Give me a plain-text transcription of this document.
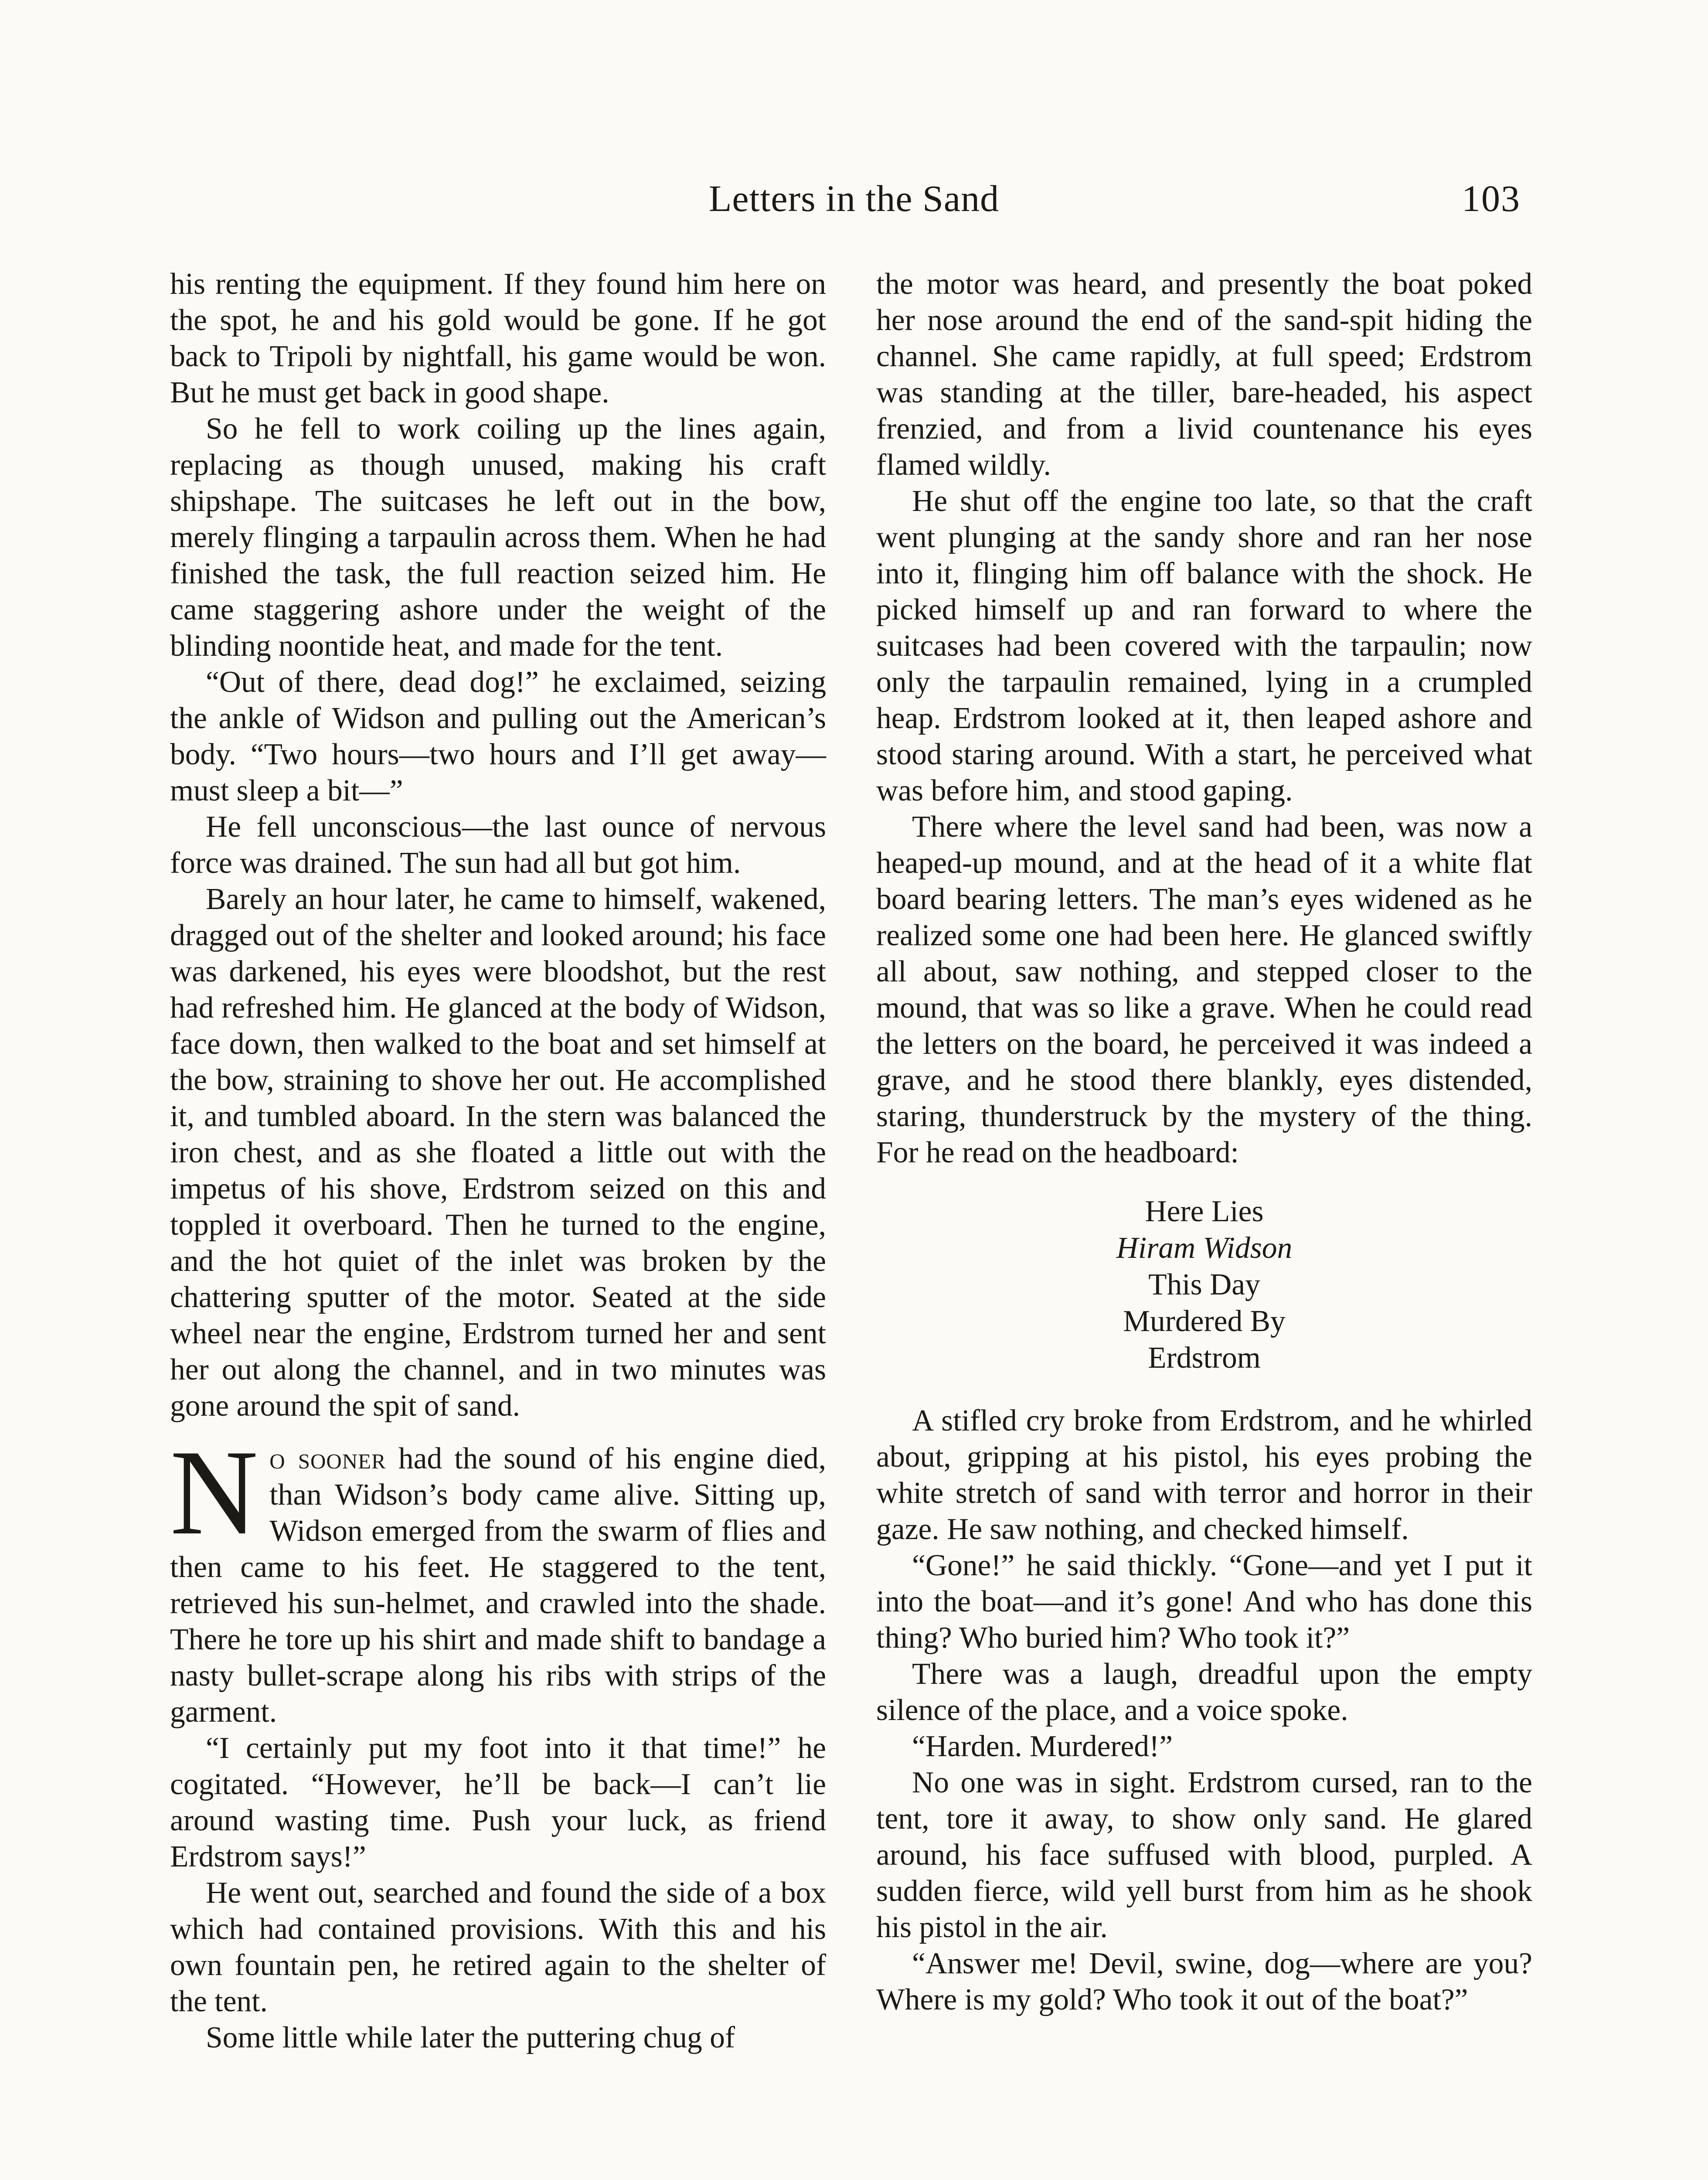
Letters in the Sand	103

his renting the equipment. If they found him here on the spot, he and his gold would be gone. If he got back to Tripoli by nightfall, his game would be won. But he must get back in good shape.

So he fell to work coiling up the lines again, replacing as though unused, making his craft shipshape. The suitcases he left out in the bow, merely flinging a tarpaulin across them. When he had finished the task, the full reaction seized him. He came staggering ashore under the weight of the blinding noontide heat, and made for the tent.

“Out of there, dead dog!” he exclaimed, seizing the ankle of Widson and pulling out the American’s body. “Two hours—two hours and I’ll get away—must sleep a bit—”

He fell unconscious—the last ounce of nervous force was drained. The sun had all but got him.

Barely an hour later, he came to himself, wakened, dragged out of the shelter and looked around; his face was darkened, his eyes were bloodshot, but the rest had refreshed him. He glanced at the body of Widson, face down, then walked to the boat and set himself at the bow, straining to shove her out. He accomplished it, and tumbled aboard. In the stern was balanced the iron chest, and as she floated a little out with the impetus of his shove, Erdstrom seized on this and toppled it overboard. Then he turned to the engine, and the hot quiet of the inlet was broken by the chattering sputter of the motor. Seated at the side wheel near the engine, Erdstrom turned her and sent her out along the channel, and in two minutes was gone around the spit of sand.

No sooner had the sound of his engine died, than Widson’s body came alive. Sitting up, Widson emerged from the swarm of flies and then came to his feet. He staggered to the tent, retrieved his sun-helmet, and crawled into the shade. There he tore up his shirt and made shift to bandage a nasty bullet-scrape along his ribs with strips of the garment.

“I certainly put my foot into it that time!” he cogitated. “However, he’ll be back—I can’t lie around wasting time. Push your luck, as friend Erdstrom says!”

He went out, searched and found the side of a box which had contained provisions. With this and his own fountain pen, he retired again to the shelter of the tent.

Some little while later the puttering chug of

the motor was heard, and presently the boat poked her nose around the end of the sand-spit hiding the channel. She came rapidly, at full speed; Erdstrom was standing at the tiller, bare-headed, his aspect frenzied, and from a livid countenance his eyes flamed wildly.

He shut off the engine too late, so that the craft went plunging at the sandy shore and ran her nose into it, flinging him off balance with the shock. He picked himself up and ran forward to where the suitcases had been covered with the tarpaulin; now only the tarpaulin remained, lying in a crumpled heap. Erdstrom looked at it, then leaped ashore and stood staring around. With a start, he perceived what was before him, and stood gaping.

There where the level sand had been, was now a heaped-up mound, and at the head of it a white flat board bearing letters. The man’s eyes widened as he realized some one had been here. He glanced swiftly all about, saw nothing, and stepped closer to the mound, that was so like a grave. When he could read the letters on the board, he perceived it was indeed a grave, and he stood there blankly, eyes distended, staring, thunderstruck by the mystery of the thing. For he read on the headboard:

Here Lies
Hiram Widson
This Day
Murdered By
Erdstrom

A stifled cry broke from Erdstrom, and he whirled about, gripping at his pistol, his eyes probing the white stretch of sand with terror and horror in their gaze. He saw nothing, and checked himself.

“Gone!” he said thickly. “Gone—and yet I put it into the boat—and it’s gone! And who has done this thing? Who buried him? Who took it?”

There was a laugh, dreadful upon the empty silence of the place, and a voice spoke.

“Harden. Murdered!”

No one was in sight. Erdstrom cursed, ran to the tent, tore it away, to show only sand. He glared around, his face suffused with blood, purpled. A sudden fierce, wild yell burst from him as he shook his pistol in the air.

“Answer me! Devil, swine, dog—where are you? Where is my gold? Who took it out of the boat?”
